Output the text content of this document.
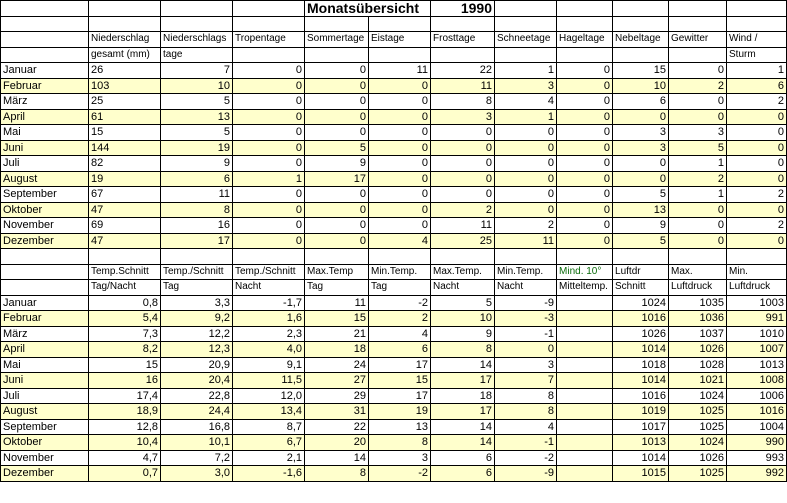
				Monatsübersicht		1990					

	Niederschlag	Niederschlags	Tropentage	Sommertage	Eistage	Frosttage	Schneetage	Hageltage	Nebeltage	Gewitter	Wind /
	gesamt (mm)	tage									Sturm
Januar	26	7	0	0	11	22	1	0	15	0	1
Februar	103	10	0	0	0	11	3	0	10	2	6
März	25	5	0	0	0	8	4	0	6	0	2
April	61	13	0	0	0	3	1	0	0	0	0
Mai	15	5	0	0	0	0	0	0	3	3	0
Juni	144	19	0	5	0	0	0	0	3	5	0
Juli	82	9	0	9	0	0	0	0	0	1	0
August	19	6	1	17	0	0	0	0	0	2	0
September	67	11	0	0	0	0	0	0	5	1	2
Oktober	47	8	0	0	0	2	0	0	13	0	0
November	69	16	0	0	0	11	2	0	9	0	2
Dezember	47	17	0	0	4	25	11	0	5	0	0

	Temp.Schnitt	Temp./Schnitt	Temp./Schnitt	Max.Temp	Min.Temp.	Max.Temp.	Min.Temp.	Mind. 10°	Luftdr	Max.	Min.
	Tag/Nacht	Tag	Nacht	Tag	Tag	Nacht	Nacht	Mitteltemp.	Schnitt	Luftdruck	Luftdruck
Januar	0,8	3,3	-1,7	11	-2	5	-9		1024	1035	1003
Februar	5,4	9,2	1,6	15	2	10	-3		1016	1036	991
März	7,3	12,2	2,3	21	4	9	-1		1026	1037	1010
April	8,2	12,3	4,0	18	6	8	0		1014	1026	1007
Mai	15	20,9	9,1	24	17	14	3		1018	1028	1013
Juni	16	20,4	11,5	27	15	17	7		1014	1021	1008
Juli	17,4	22,8	12,0	29	17	18	8		1016	1024	1006
August	18,9	24,4	13,4	31	19	17	8		1019	1025	1016
September	12,8	16,8	8,7	22	13	14	4		1017	1025	1004
Oktober	10,4	10,1	6,7	20	8	14	-1		1013	1024	990
November	4,7	7,2	2,1	14	3	6	-2		1014	1026	993
Dezember	0,7	3,0	-1,6	8	-2	6	-9		1015	1025	992
